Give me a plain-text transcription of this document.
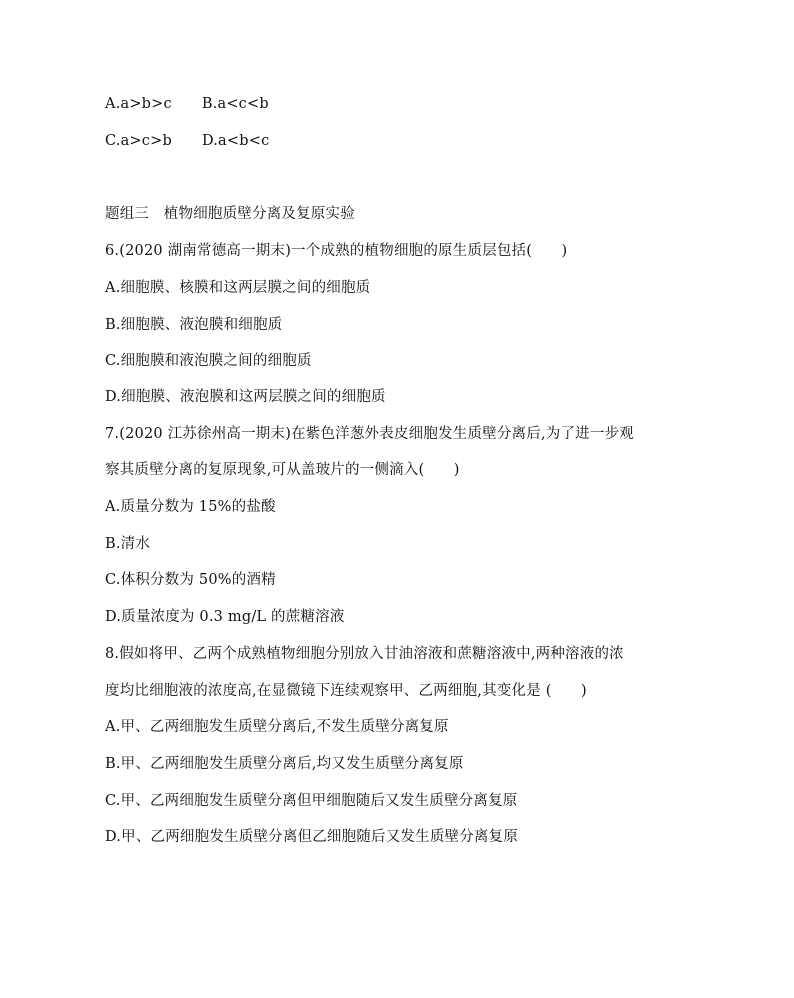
A.a>b>c B.a<c<b
C.a>c>b D.a<b<c
题组三　植物细胞质壁分离及复原实验
6.(2020 湖南常德高一期末)一个成熟的植物细胞的原生质层包括(　　)
A.细胞膜、核膜和这两层膜之间的细胞质
B.细胞膜、液泡膜和细胞质
C.细胞膜和液泡膜之间的细胞质
D.细胞膜、液泡膜和这两层膜之间的细胞质
7.(2020 江苏徐州高一期末)在紫色洋葱外表皮细胞发生质壁分离后,为了进一步观
察其质壁分离的复原现象,可从盖玻片的一侧滴入(　　)
A.质量分数为 15%的盐酸
B.清水
C.体积分数为 50%的酒精
D.质量浓度为 0.3 mg/L 的蔗糖溶液
8.假如将甲、乙两个成熟植物细胞分别放入甘油溶液和蔗糖溶液中,两种溶液的浓
度均比细胞液的浓度高,在显微镜下连续观察甲、乙两细胞,其变化是 (　　)
A.甲、乙两细胞发生质壁分离后,不发生质壁分离复原
B.甲、乙两细胞发生质壁分离后,均又发生质壁分离复原
C.甲、乙两细胞发生质壁分离但甲细胞随后又发生质壁分离复原
D.甲、乙两细胞发生质壁分离但乙细胞随后又发生质壁分离复原
